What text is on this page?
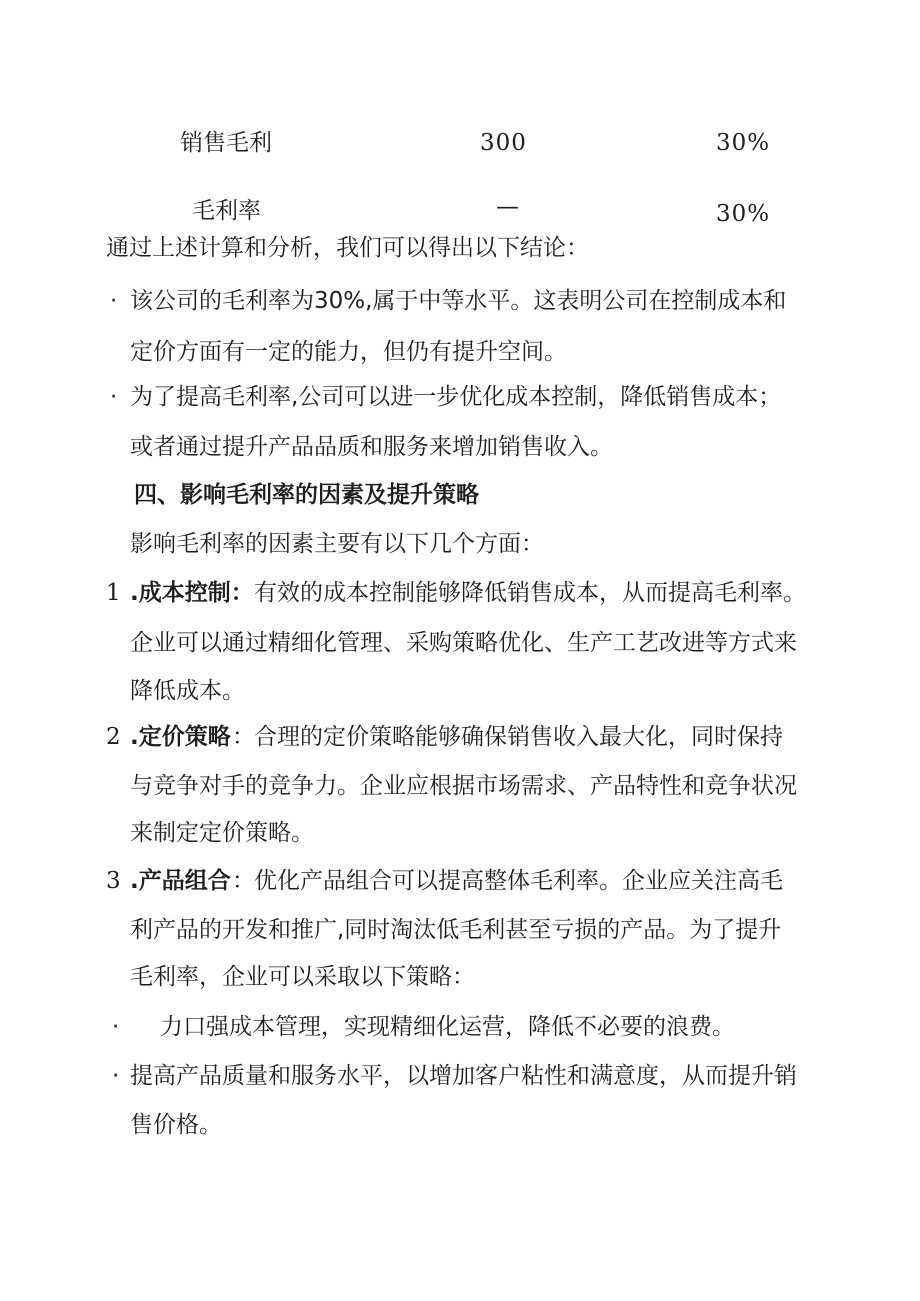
销售毛利	300	30%
毛利率	—	30%
通过上述计算和分析，我们可以得出以下结论：
· 该公司的毛利率为30%,属于中等水平。这表明公司在控制成本和
定价方面有一定的能力，但仍有提升空间。
· 为了提高毛利率,公司可以进一步优化成本控制，降低销售成本；
或者通过提升产品品质和服务来增加销售收入。
四、影响毛利率的因素及提升策略
影响毛利率的因素主要有以下几个方面：
1 .成本控制： 有效的成本控制能够降低销售成本，从而提高毛利率。
企业可以通过精细化管理、采购策略优化、生产工艺改进等方式来
降低成本。
2 .定价策略 ： 合理的定价策略能够确保销售收入最大化，同时保持
与竞争对手的竞争力。企业应根据市场需求、产品特性和竞争状况
来制定定价策略。
3 .产品组合 ： 优化产品组合可以提高整体毛利率。企业应关注高毛
利产品的开发和推广,同时淘汰低毛利甚至亏损的产品。为了提升
毛利率，企业可以采取以下策略：
· 力口强成本管理，实现精细化运营，降低不必要的浪费。
· 提高产品质量和服务水平，以增加客户粘性和满意度，从而提升销
售价格。
